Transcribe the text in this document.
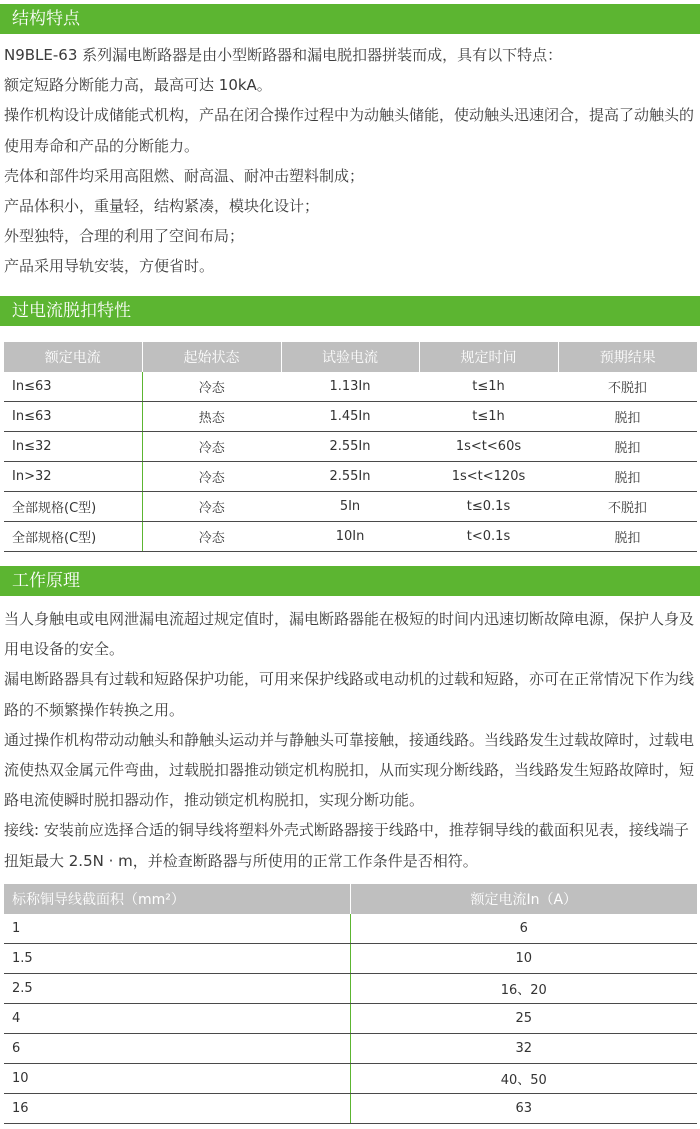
结构特点

N9BLE-63 系列漏电断路器是由小型断路器和漏电脱扣器拼装而成，具有以下特点：

额定短路分断能力高，最高可达 10kA。

操作机构设计成储能式机构，产品在闭合操作过程中为动触头储能，使动触头迅速闭合，提高了动触头的使用寿命和产品的分断能力。

壳体和部件均采用高阻燃、耐高温、耐冲击塑料制成；

产品体积小，重量轻，结构紧凑，模块化设计；

外型独特，合理的利用了空间布局；

产品采用导轨安装，方便省时。

过电流脱扣特性
额定电流	起始状态	试验电流	规定时间	预期结果
In≤63	冷态	1.13In	t≤1h	不脱扣
In≤63	热态	1.45In	t≤1h	脱扣
In≤32	冷态	2.55In	1s<t<60s	脱扣
In>32	冷态	2.55In	1s<t<120s	脱扣
全部规格(C型)	冷态	5In	t≤0.1s	不脱扣
全部规格(C型)	冷态	10In	t<0.1s	脱扣
工作原理

当人身触电或电网泄漏电流超过规定值时，漏电断路器能在极短的时间内迅速切断故障电源，保护人身及用电设备的安全。

漏电断路器具有过载和短路保护功能，可用来保护线路或电动机的过载和短路，亦可在正常情况下作为线路的不频繁操作转换之用。

通过操作机构带动动触头和静触头运动并与静触头可靠接触，接通线路。当线路发生过载故障时，过载电流使热双金属元件弯曲，过载脱扣器推动锁定机构脱扣，从而实现分断线路，当线路发生短路故障时，短路电流使瞬时脱扣器动作，推动锁定机构脱扣，实现分断功能。

接线: 安装前应选择合适的铜导线将塑料外壳式断路器接于线路中，推荐铜导线的截面积见表，接线端子扭矩最大 2.5N · m，并检查断路器与所使用的正常工作条件是否相符。

标称铜导线截面积（mm²）	额定电流In（A）
1	6
1.5	10
2.5	16、20
4	25
6	32
10	40、50
16	63
